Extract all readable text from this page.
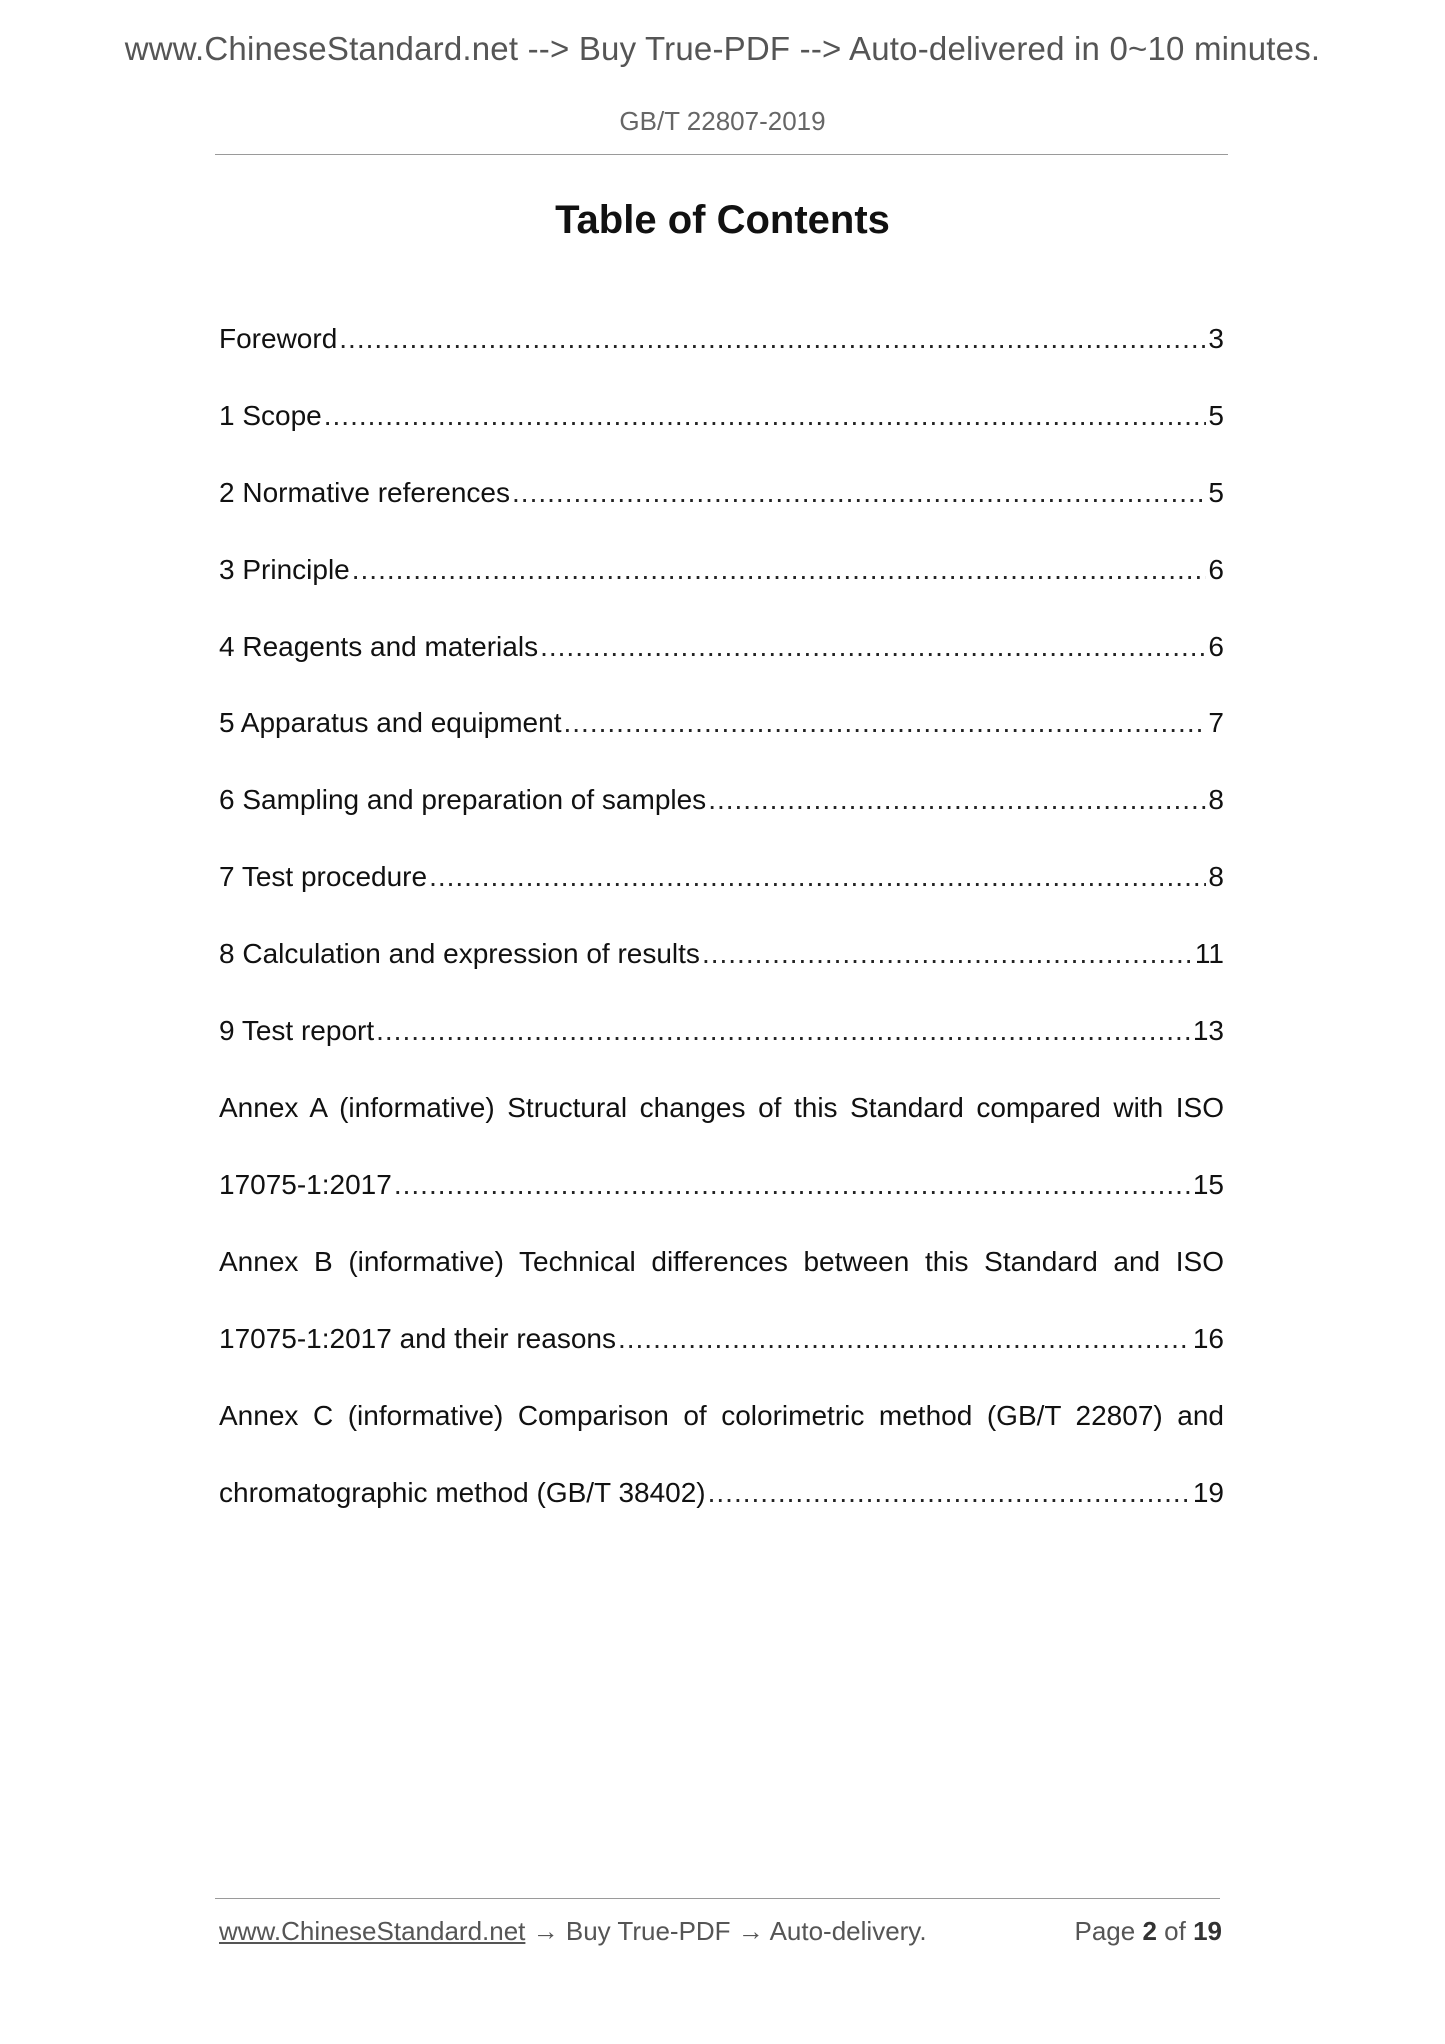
www.ChineseStandard.net --> Buy True-PDF --> Auto-delivered in 0~10 minutes.
GB/T 22807-2019
Table of Contents
Foreword .....	3
1 Scope .....	5
2 Normative references .....	5
3 Principle .....	6
4 Reagents and materials .....	6
5 Apparatus and equipment .....	7
6 Sampling and preparation of samples .....	8
7 Test procedure .....	8
8 Calculation and expression of results .....	11
9 Test report .....	13
Annex A (informative) Structural changes of this Standard compared with ISO
17075-1:2017 .....	15
Annex B (informative) Technical differences between this Standard and ISO
17075-1:2017 and their reasons .....	16
Annex C (informative) Comparison of colorimetric method (GB/T 22807) and
chromatographic method (GB/T 38402) .....	19
www.ChineseStandard.net → Buy True-PDF → Auto-delivery.	Page 2 of 19
